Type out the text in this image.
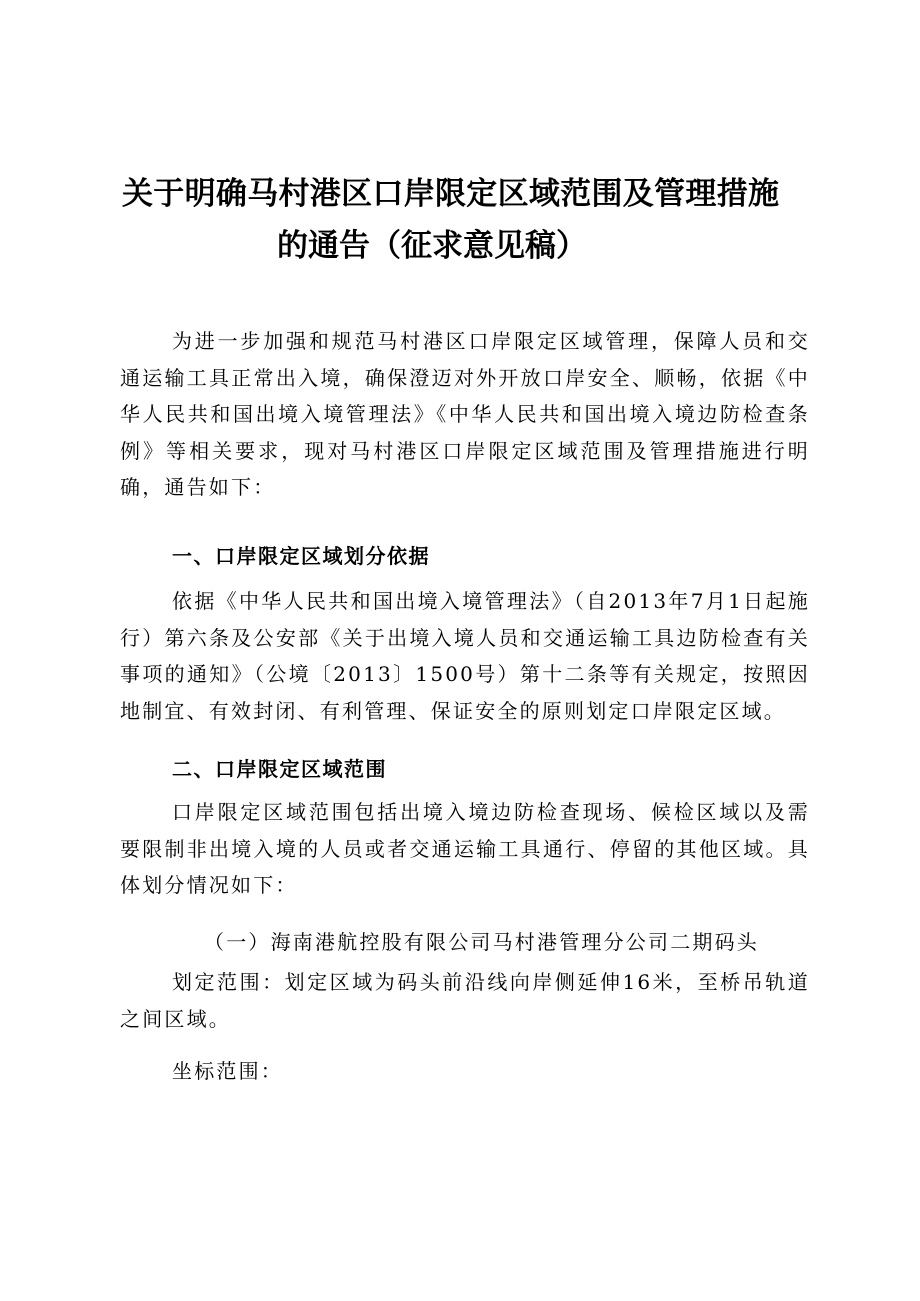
关于明确马村港区口岸限定区域范围及管理措施
的通告（征求意见稿）
为进一步加强和规范马村港区口岸限定区域管理，保障人员和交通运输工具正常出入境，确保澄迈对外开放口岸安全、顺畅，依据《中华人民共和国出境入境管理法》《中华人民共和国出境入境边防检查条例》等相关要求，现对马村港区口岸限定区域范围及管理措施进行明确，通告如下：
一、口岸限定区域划分依据
依据《中华人民共和国出境入境管理法》（自2013年7月1日起施行）第六条及公安部《关于出境入境人员和交通运输工具边防检查有关事项的通知》（公境〔2013〕1500号）第十二条等有关规定，按照因地制宜、有效封闭、有利管理、保证安全的原则划定口岸限定区域。
二、口岸限定区域范围
口岸限定区域范围包括出境入境边防检查现场、候检区域以及需要限制非出境入境的人员或者交通运输工具通行、停留的其他区域。具体划分情况如下：
（一）海南港航控股有限公司马村港管理分公司二期码头
划定范围：划定区域为码头前沿线向岸侧延伸16米，至桥吊轨道之间区域。
坐标范围：
